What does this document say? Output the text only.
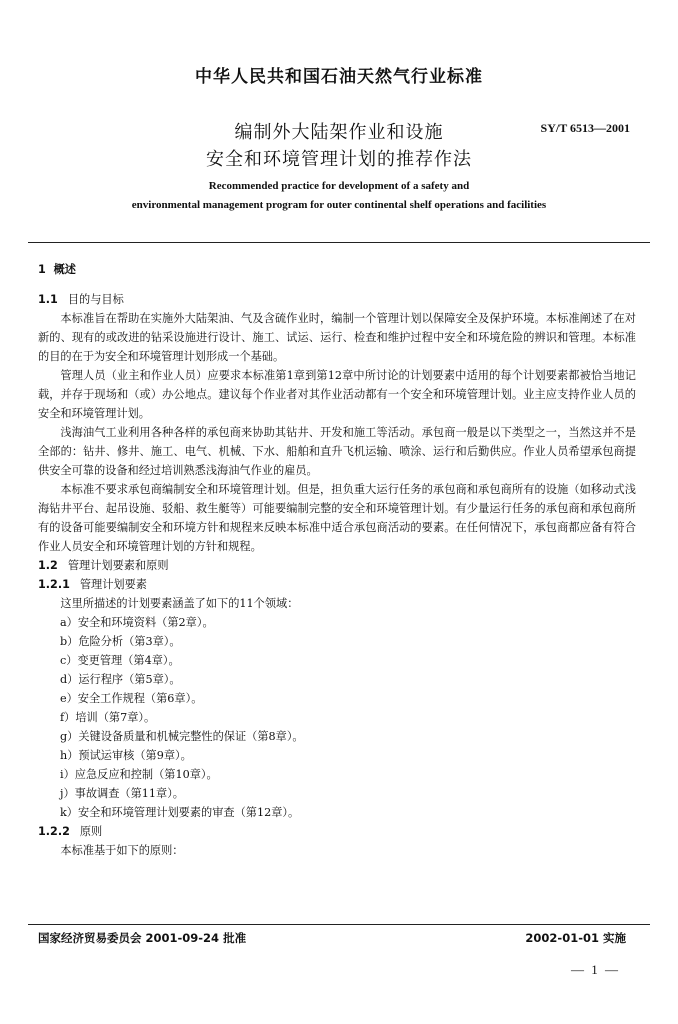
中华人民共和国石油天然气行业标准
编制外大陆架作业和设施	SY/T 6513—2001
安全和环境管理计划的推荐作法
Recommended practice for development of a safety and
environmental management program for outer continental shelf operations and facilities
1 概述
1.1 目的与目标

本标准旨在帮助在实施外大陆架油、气及含硫作业时，编制一个管理计划以保障安全及保护环境。本标准阐述了在对新的、现有的或改进的钻采设施进行设计、施工、试运、运行、检查和维护过程中安全和环境危险的辨识和管理。本标准的目的在于为安全和环境管理计划形成一个基础。

管理人员（业主和作业人员）应要求本标准第1章到第12章中所讨论的计划要素中适用的每个计划要素都被恰当地记载，并存于现场和（或）办公地点。建议每个作业者对其作业活动都有一个安全和环境管理计划。业主应支持作业人员的安全和环境管理计划。

浅海油气工业利用各种各样的承包商来协助其钻井、开发和施工等活动。承包商一般是以下类型之一，当然这并不是全部的：钻井、修井、施工、电气、机械、下水、船舶和直升飞机运输、喷涂、运行和后勤供应。作业人员希望承包商提供安全可靠的设备和经过培训熟悉浅海油气作业的雇员。

本标准不要求承包商编制安全和环境管理计划。但是，担负重大运行任务的承包商和承包商所有的设施（如移动式浅海钻井平台、起吊设施、驳船、救生艇等）可能要编制完整的安全和环境管理计划。有少量运行任务的承包商和承包商所有的设备可能要编制安全和环境方针和规程来反映本标准中适合承包商活动的要素。在任何情况下，承包商都应备有符合作业人员安全和环境管理计划的方针和规程。

1.2 管理计划要素和原则
1.2.1 管理计划要素

这里所描述的计划要素涵盖了如下的11个领域：

a）安全和环境资料（第2章）。
b）危险分析（第3章）。
c）变更管理（第4章）。
d）运行程序（第5章）。
e）安全工作规程（第6章）。
f）培训（第7章）。
g）关键设备质量和机械完整性的保证（第8章）。
h）预试运审核（第9章）。
i）应急反应和控制（第10章）。
j）事故调查（第11章）。
k）安全和环境管理计划要素的审查（第12章）。
1.2.2 原则

本标准基于如下的原则：

国家经济贸易委员会 2001-09-24 批准	2002-01-01 实施
— 1 —
